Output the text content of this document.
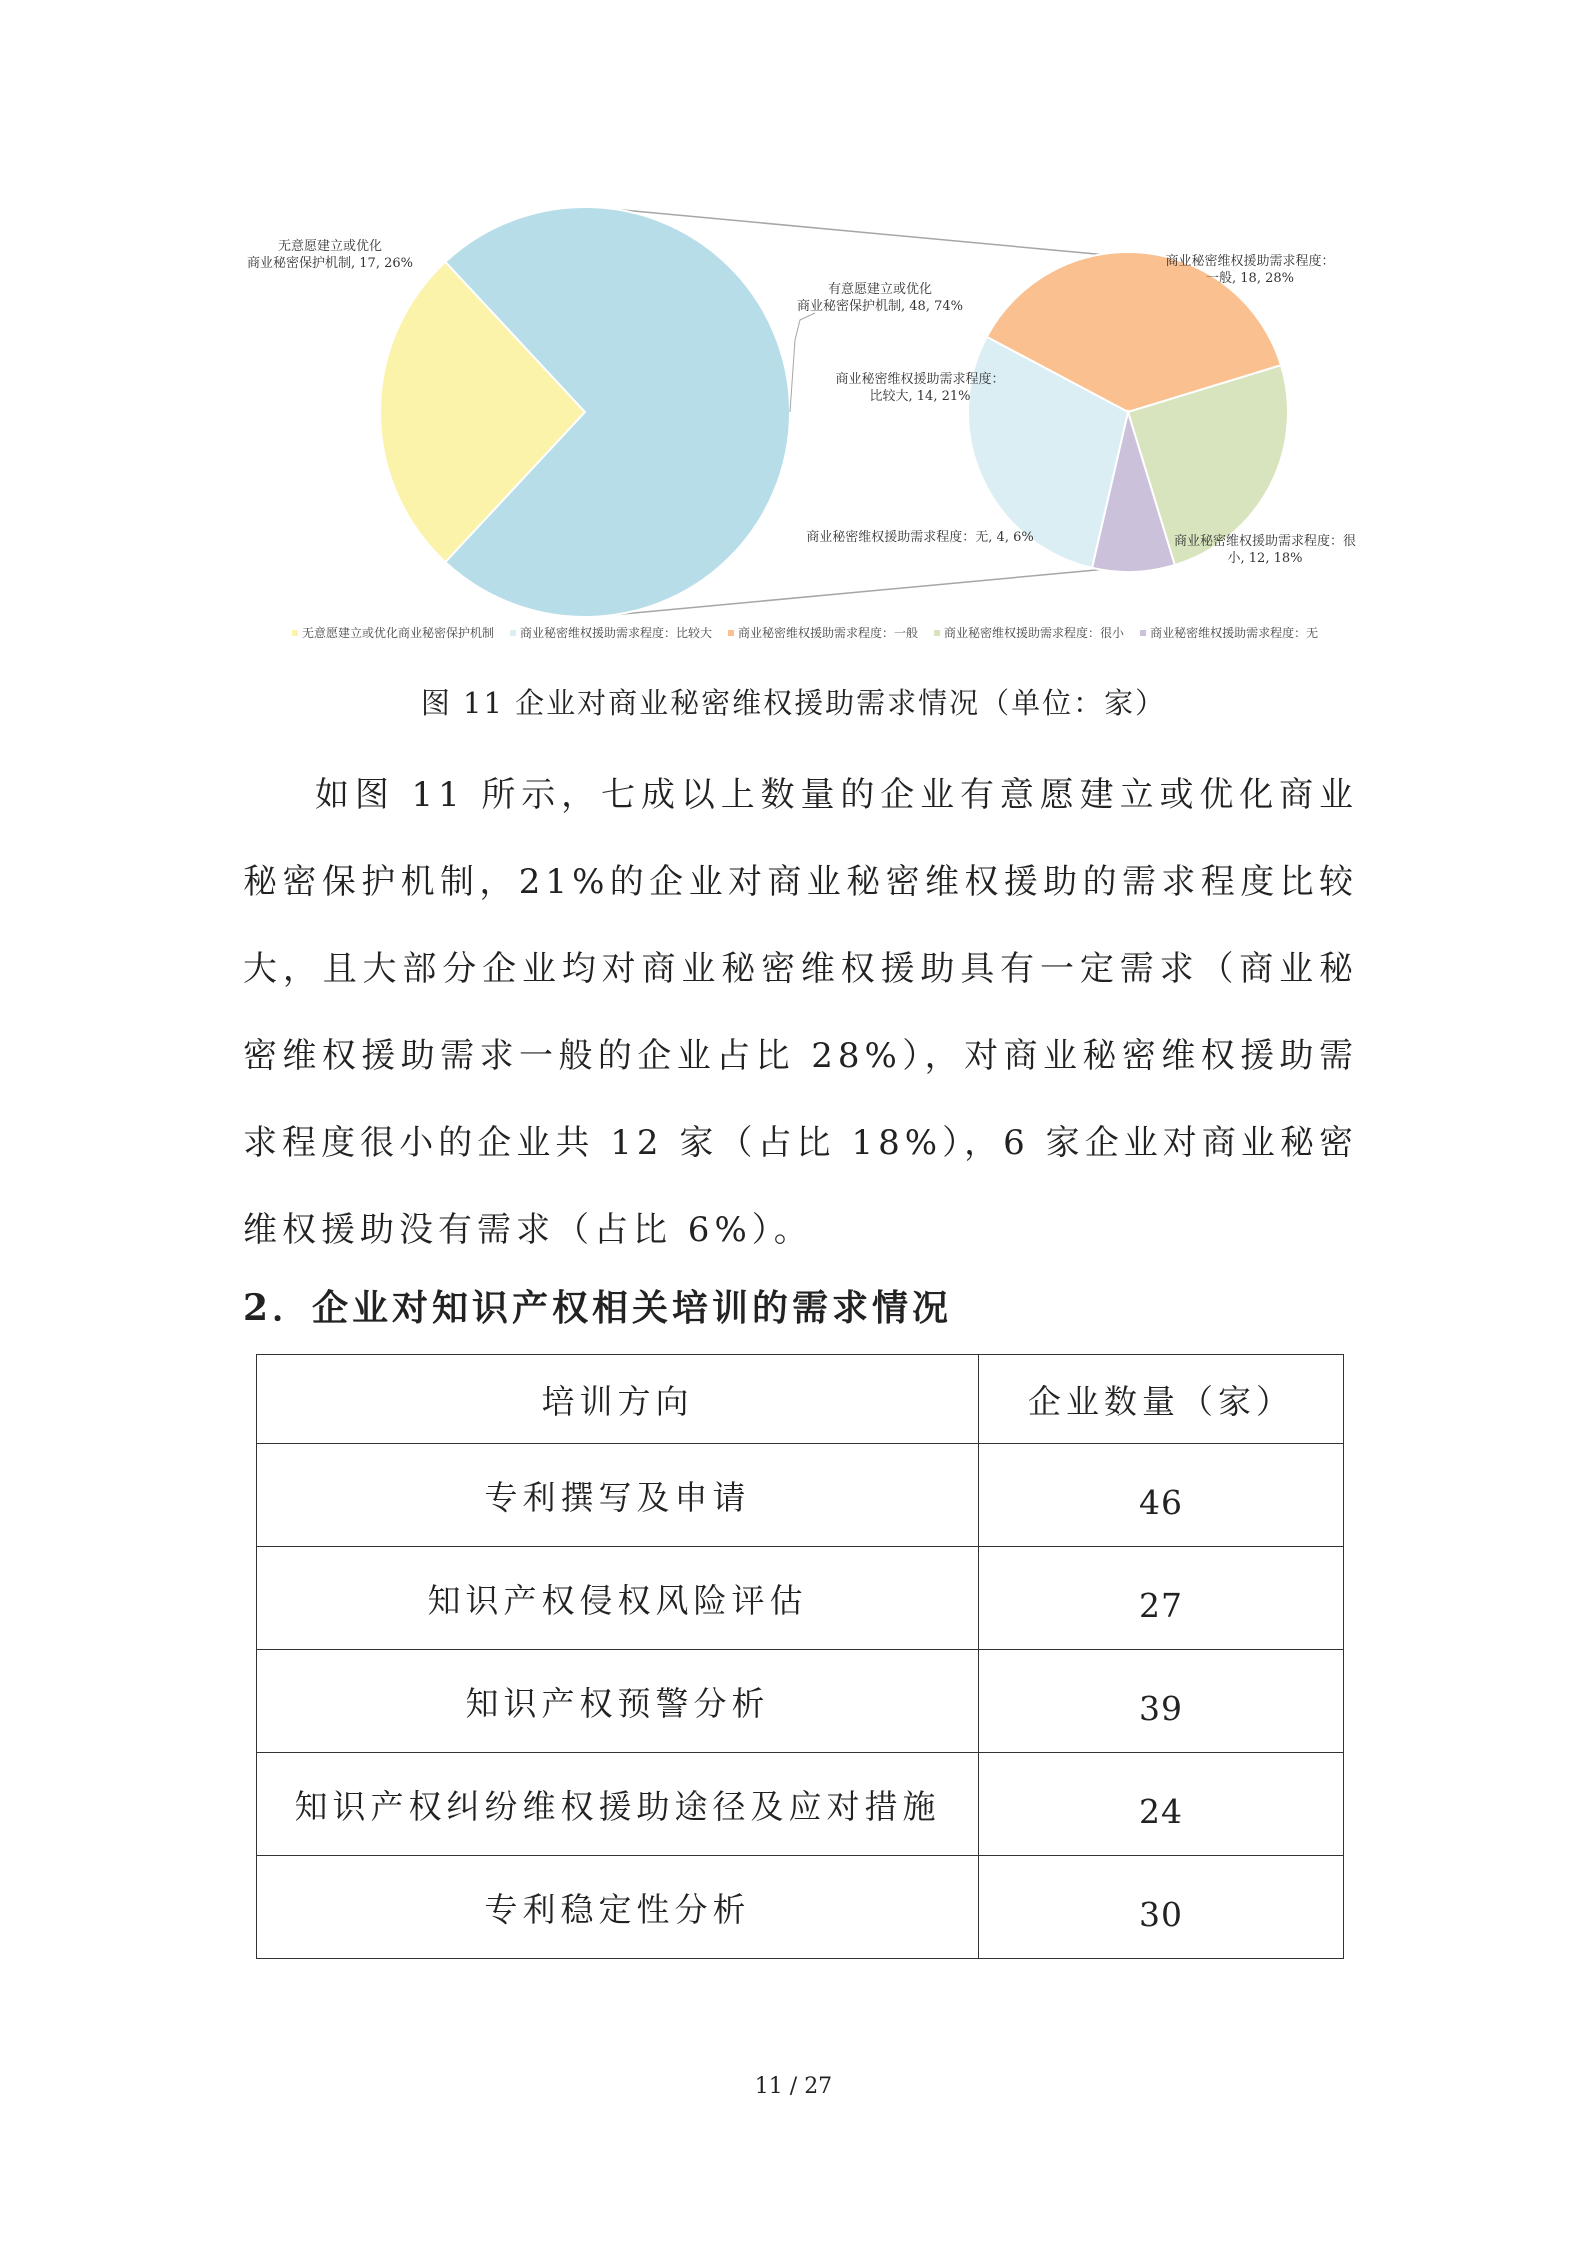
无意愿建立或优化商业秘密保护机制, 17, 26%
有意愿建立或优化商业秘密保护机制, 48, 74%
商业秘密维权援助需求程度：一般, 18, 28%
商业秘密维权援助需求程度：很小, 12, 18%
商业秘密维权援助需求程度：无, 4, 6%
商业秘密维权援助需求程度：比较大, 14, 21%
无意愿建立或优化商业秘密保护机制 商业秘密维权援助需求程度：比较大 商业秘密维权援助需求程度：一般 商业秘密维权援助需求程度：很小 商业秘密维权援助需求程度：无
图 11 企业对商业秘密维权援助需求情况（单位：家）

如图 11 所示，七成以上数量的企业有意愿建立或优化商业秘密保护机制，21%的企业对商业秘密维权援助的需求程度比较大，且大部分企业均对商业秘密维权援助具有一定需求（商业秘密维权援助需求一般的企业占比 28%），对商业秘密维权援助需求程度很小的企业共 12 家（占比 18%），6 家企业对商业秘密维权援助没有需求（占比 6%）。

2．企业对知识产权相关培训的需求情况
培训方向	企业数量（家）
专利撰写及申请	46
知识产权侵权风险评估	27
知识产权预警分析	39
知识产权纠纷维权援助途径及应对措施	24
专利稳定性分析	30
11 / 27
